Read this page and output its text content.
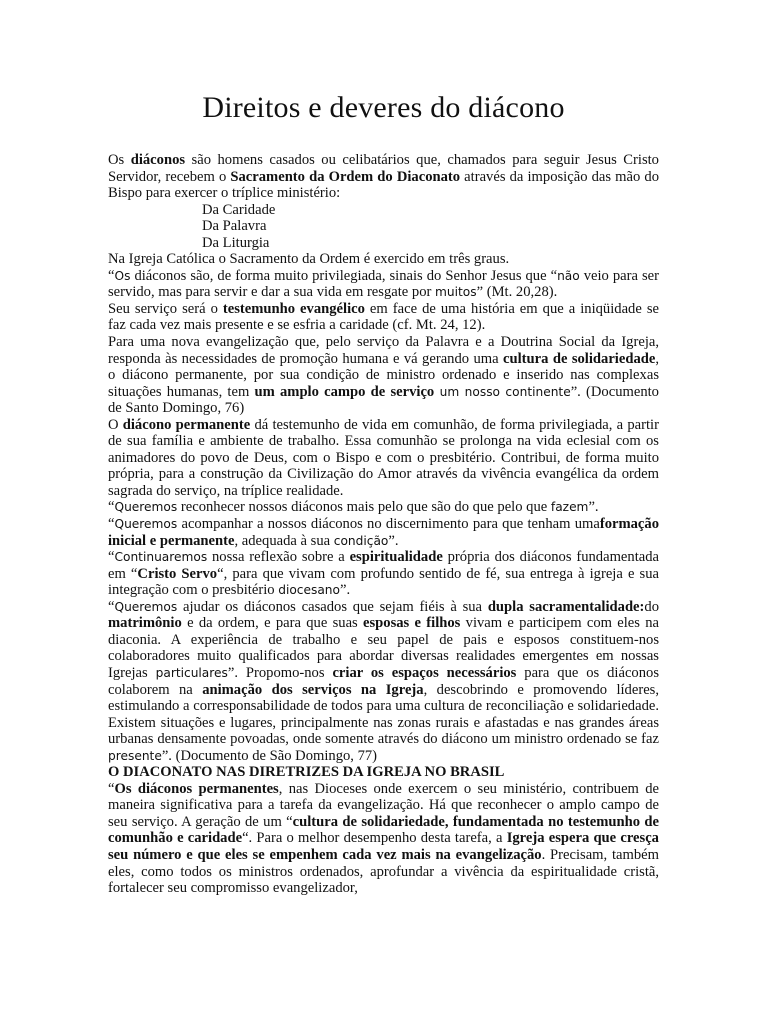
Direitos e deveres do diácono

Os diáconos são homens casados ou celibatários que, chamados para seguir Jesus Cristo Servidor, recebem o Sacramento da Ordem do Diaconato através da imposição das mão do Bispo para exercer o tríplice ministério:

Da Caridade

Da Palavra

Da Liturgia

Na Igreja Católica o Sacramento da Ordem é exercido em três graus.

“Os diáconos são, de forma muito privilegiada, sinais do Senhor Jesus que “não veio para ser servido, mas para servir e dar a sua vida em resgate por muitos” (Mt. 20,28).

Seu serviço será o testemunho evangélico em face de uma história em que a iniqüidade se faz cada vez mais presente e se esfria a caridade (cf. Mt. 24, 12).

Para uma nova evangelização que, pelo serviço da Palavra e a Doutrina Social da Igreja, responda às necessidades de promoção humana e vá gerando uma cultura de solidariedade, o diácono permanente, por sua condição de ministro ordenado e inserido nas complexas situações humanas, tem um amplo campo de serviço um nosso continente”. (Documento de Santo Domingo, 76)

O diácono permanente dá testemunho de vida em comunhão, de forma privilegiada, a partir de sua família e ambiente de trabalho. Essa comunhão se prolonga na vida eclesial com os animadores do povo de Deus, com o Bispo e com o presbitério. Contribui, de forma muito própria, para a construção da Civilização do Amor através da vivência evangélica da ordem sagrada do serviço, na tríplice realidade.

“Queremos reconhecer nossos diáconos mais pelo que são do que pelo que fazem”.

“Queremos acompanhar a nossos diáconos no discernimento para que tenham umaformação inicial e permanente, adequada à sua condição”.

“Continuaremos nossa reflexão sobre a espiritualidade própria dos diáconos fundamentada em “Cristo Servo“, para que vivam com profundo sentido de fé, sua entrega à igreja e sua integração com o presbitério diocesano”.

“Queremos ajudar os diáconos casados que sejam fiéis à sua dupla sacramentalidade:do matrimônio e da ordem, e para que suas esposas e filhos vivam e participem com eles na diaconia. A experiência de trabalho e seu papel de pais e esposos constituem-nos colaboradores muito qualificados para abordar diversas realidades emergentes em nossas Igrejas particulares”. Propomo-nos criar os espaços necessários para que os diáconos colaborem na animação dos serviços na Igreja, descobrindo e promovendo líderes, estimulando a corresponsabilidade de todos para uma cultura de reconciliação e solidariedade. Existem situações e lugares, principalmente nas zonas rurais e afastadas e nas grandes áreas urbanas densamente povoadas, onde somente através do diácono um ministro ordenado se faz presente”. (Documento de São Domingo, 77)

O DIACONATO NAS DIRETRIZES DA IGREJA NO BRASIL

“Os diáconos permanentes, nas Dioceses onde exercem o seu ministério, contribuem de maneira significativa para a tarefa da evangelização. Há que reconhecer o amplo campo de seu serviço. A geração de um “cultura de solidariedade, fundamentada no testemunho de comunhão e caridade“. Para o melhor desempenho desta tarefa, a Igreja espera que cresça seu número e que eles se empenhem cada vez mais na evangelização. Precisam, também eles, como todos os ministros ordenados, aprofundar a vivência da espiritualidade cristã, fortalecer seu compromisso evangelizador,
